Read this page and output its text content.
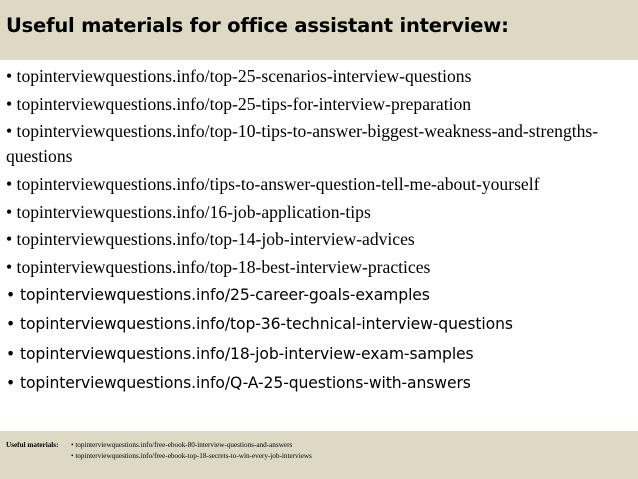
Useful materials for office assistant interview:
• topinterviewquestions.info/top-25-scenarios-interview-questions
• topinterviewquestions.info/top-25-tips-for-interview-preparation
• topinterviewquestions.info/top-10-tips-to-answer-biggest-weakness-and-strengths-questions
• topinterviewquestions.info/tips-to-answer-question-tell-me-about-yourself
• topinterviewquestions.info/16-job-application-tips
• topinterviewquestions.info/top-14-job-interview-advices
• topinterviewquestions.info/top-18-best-interview-practices
• topinterviewquestions.info/25-career-goals-examples
• topinterviewquestions.info/top-36-technical-interview-questions
• topinterviewquestions.info/18-job-interview-exam-samples
• topinterviewquestions.info/Q-A-25-questions-with-answers
Useful materials: • topinterviewquestions.info/free-ebook-80-interview-questions-and-answers
• topinterviewquestions.info/free-ebook-top-18-secrets-to-win-every-job-interviews
